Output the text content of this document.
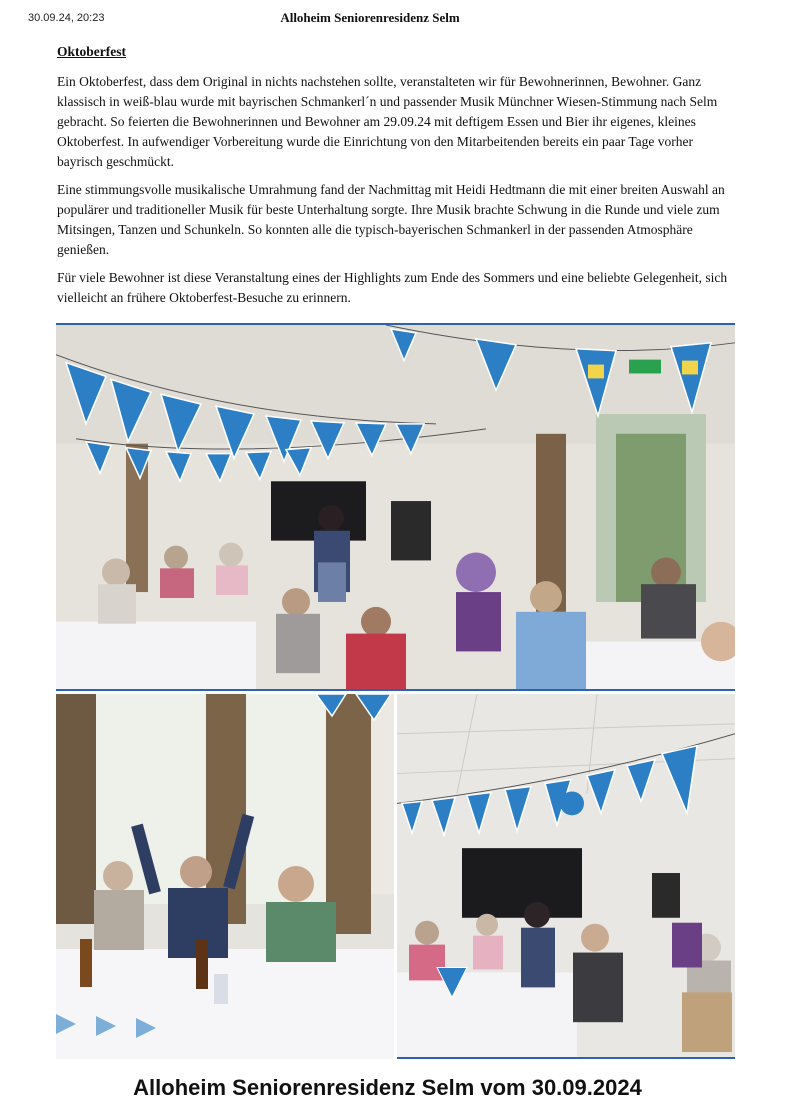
30.09.24, 20:23	Alloheim Seniorenresidenz Selm
Oktoberfest

Ein Oktoberfest, dass dem Original in nichts nachstehen sollte, veranstalteten wir für Bewohnerinnen, Bewohner. Ganz klassisch in weiß-blau wurde mit bayrischen Schmankerl´n und passender Musik Münchner Wiesen-Stimmung nach Selm gebracht. So feierten die Bewohnerinnen und Bewohner am 29.09.24 mit deftigem Essen und Bier ihr eigenes, kleines Oktoberfest. In aufwendiger Vorbereitung wurde die Einrichtung von den Mitarbeitenden bereits ein paar Tage vorher bayrisch geschmückt.

Eine stimmungsvolle musikalische Umrahmung fand der Nachmittag mit Heidi Hedtmann die mit einer breiten Auswahl an populärer und traditioneller Musik für beste Unterhaltung sorgte. Ihre Musik brachte Schwung in die Runde und viele zum Mitsingen, Tanzen und Schunkeln. So konnten alle die typisch-bayerischen Schmankerl in der passenden Atmosphäre genießen.

Für viele Bewohner ist diese Veranstaltung eines der Highlights zum Ende des Sommers und eine beliebte Gelegenheit, sich vielleicht an frühere Oktoberfest-Besuche zu erinnern.

Alloheim Seniorenresidenz Selm vom 30.09.2024
